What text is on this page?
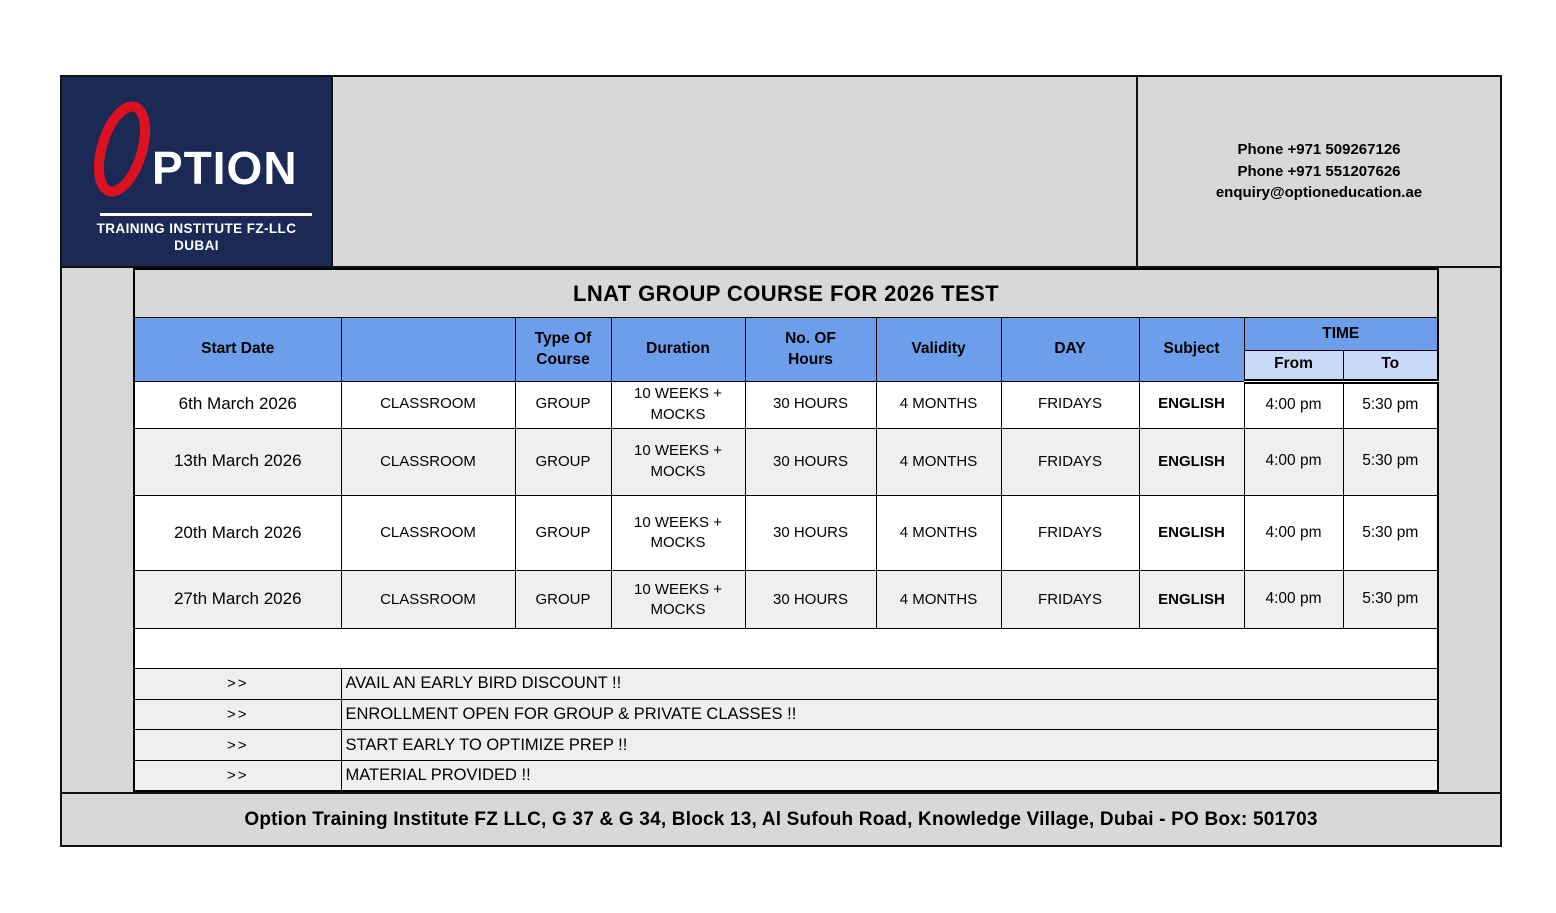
PTION
TRAINING INSTITUTE FZ-LLC
DUBAI
Phone +971 509267126
Phone +971 551207626
enquiry@optioneducation.ae
LNAT GROUP COURSE FOR 2026 TEST									
Start Date		Type Of Course	Duration	No. OF Hours	Validity	DAY	Subject	TIME	
								From	To
6th March 2026	CLASSROOM	GROUP	10 WEEKS + MOCKS	30 HOURS	4 MONTHS	FRIDAYS	ENGLISH	4:00 pm	5:30 pm
13th March 2026	CLASSROOM	GROUP	10 WEEKS + MOCKS	30 HOURS	4 MONTHS	FRIDAYS	ENGLISH	4:00 pm	5:30 pm
20th March 2026	CLASSROOM	GROUP	10 WEEKS + MOCKS	30 HOURS	4 MONTHS	FRIDAYS	ENGLISH	4:00 pm	5:30 pm
27th March 2026	CLASSROOM	GROUP	10 WEEKS + MOCKS	30 HOURS	4 MONTHS	FRIDAYS	ENGLISH	4:00 pm	5:30 pm

>>	AVAIL AN EARLY BIRD DISCOUNT !!								
>>	ENROLLMENT OPEN FOR GROUP & PRIVATE CLASSES !!								
>>	START EARLY TO OPTIMIZE PREP !!								
>>	MATERIAL PROVIDED !!								
Option Training Institute FZ LLC, G 37 & G 34, Block 13, Al Sufouh Road, Knowledge Village, Dubai - PO Box: 501703
